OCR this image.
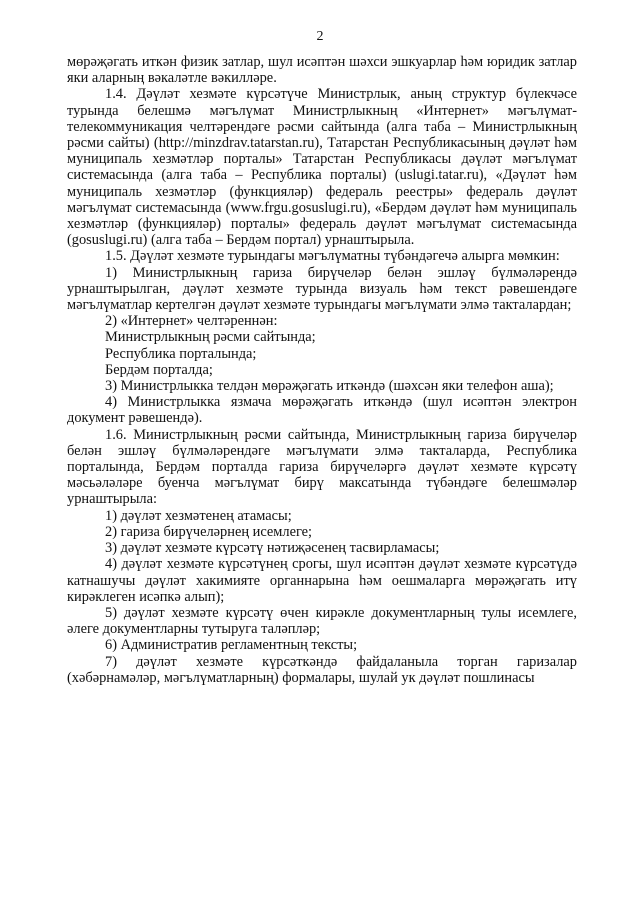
2

мөрәҗәгать иткән физик затлар, шул исәптән шәхси эшкуарлар һәм юридик затлар яки аларның вәкаләтле вәкилләре.

1.4. Дәүләт хезмәте күрсәтүче Министрлык, аның структур бүлекчәсе турында белешмә мәгълүмат Министрлыкның «Интернет» мәгълүмат-телекоммуникация челтәрендәге рәсми сайтында (алга таба – Министрлыкның рәсми сайты) (http://minzdrav.tatarstan.ru), Татарстан Республикасының дәүләт һәм муниципаль хезмәтләр порталы» Татарстан Республикасы дәүләт мәгълүмат системасында (алга таба – Республика порталы) (uslugi.tatar.ru), «Дәүләт һәм муниципаль хезмәтләр (функцияләр) федераль реестры» федераль дәүләт мәгълүмат системасында (www.frgu.gosuslugi.ru), «Бердәм дәүләт һәм муниципаль хезмәтләр (функцияләр) порталы» федераль дәүләт мәгълүмат системасында (gosuslugi.ru) (алга таба – Бердәм портал) урнаштырыла.

1.5. Дәүләт хезмәте турындагы мәгълүматны түбәндәгечә алырга мөмкин:

1) Министрлыкның гариза бирүчеләр белән эшләү бүлмәләрендә урнаштырылган, дәүләт хезмәте турында визуаль һәм текст рәвешендәге мәгълүматлар кертелгән дәүләт хезмәте турындагы мәгълүмати элмә такталардан;

2) «Интернет» челтәреннән:

Министрлыкның рәсми сайтында;

Республика порталында;

Бердәм порталда;

3) Министрлыкка телдән мөрәҗәгать иткәндә (шәхсән яки телефон аша);

4) Министрлыкка язмача мөрәҗәгать иткәндә (шул исәптән электрон документ рәвешендә).

1.6. Министрлыкның рәсми сайтында, Министрлыкның гариза бирүчеләр белән эшләү бүлмәләрендәге мәгълүмати элмә такталарда, Республика порталында, Бердәм порталда гариза бирүчеләргә дәүләт хезмәте күрсәтү мәсьәләләре буенча мәгълүмат бирү максатында түбәндәге белешмәләр урнаштырыла:

1) дәүләт хезмәтенең атамасы;

2) гариза бирүчеләрнең исемлеге;

3) дәүләт хезмәте күрсәтү нәтиҗәсенең тасвирламасы;

4) дәүләт хезмәте күрсәтүнең срогы, шул исәптән дәүләт хезмәте күрсәтүдә катнашучы дәүләт хакимияте органнарына һәм оешмаларга мөрәҗәгать итү кирәклеген исәпкә алып);

5) дәүләт хезмәте күрсәтү өчен кирәкле документларның тулы исемлеге, әлеге документларны тутыруга таләпләр;

6) Административ регламентның тексты;

7) дәүләт хезмәте күрсәткәндә файдаланыла торган гаризалар (хәбәрнамәләр, мәгълүматларның) формалары, шулай ук дәүләт пошлинасы
